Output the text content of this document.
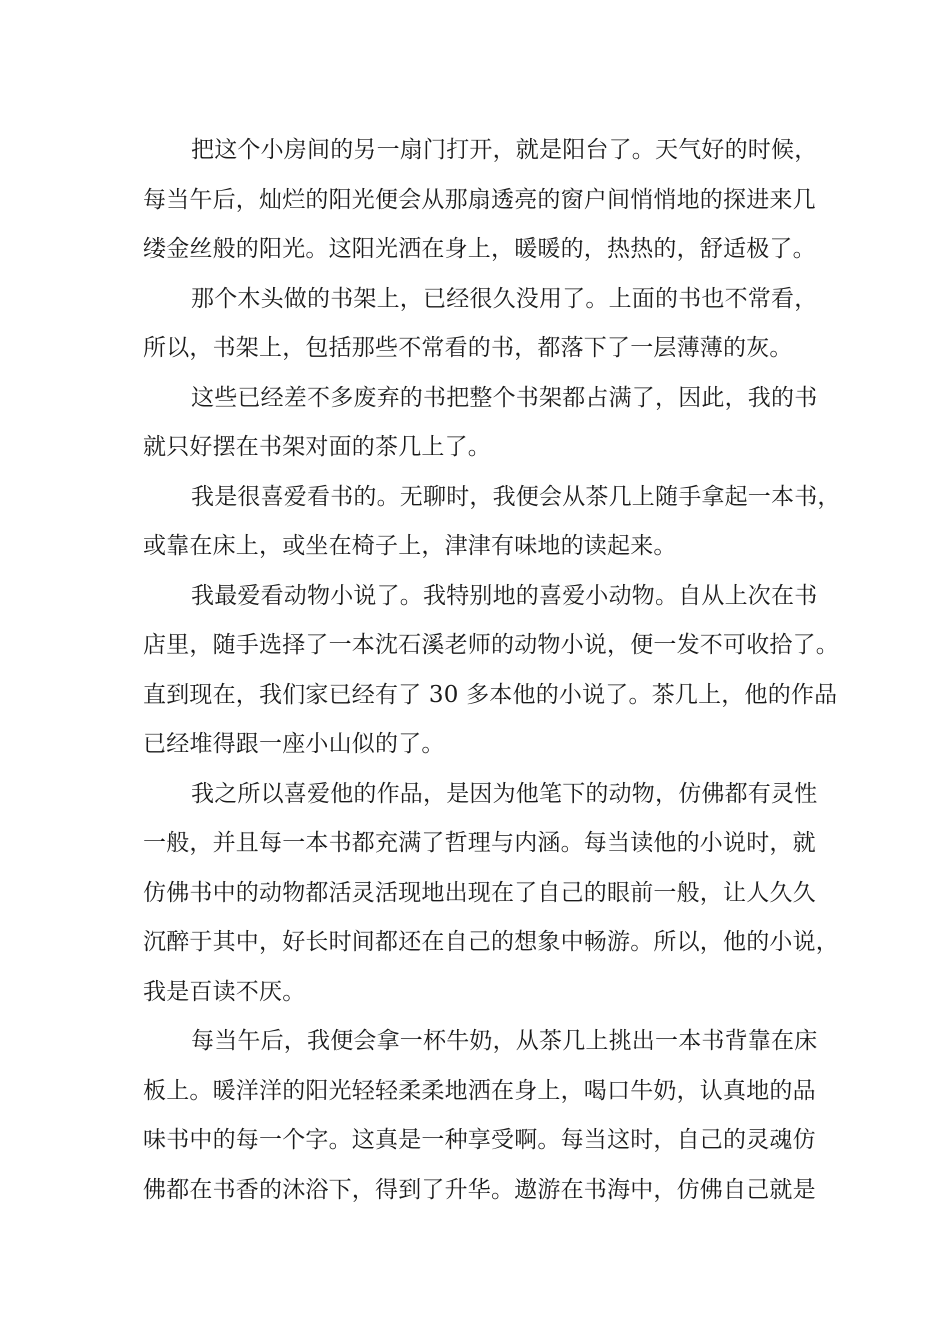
把这个小房间的另一扇门打开，就是阳台了。天气好的时候，
每当午后，灿烂的阳光便会从那扇透亮的窗户间悄悄地的探进来几
缕金丝般的阳光。这阳光洒在身上，暖暖的，热热的，舒适极了。
那个木头做的书架上，已经很久没用了。上面的书也不常看，
所以，书架上，包括那些不常看的书，都落下了一层薄薄的灰。
这些已经差不多废弃的书把整个书架都占满了，因此，我的书
就只好摆在书架对面的茶几上了。
我是很喜爱看书的。无聊时，我便会从茶几上随手拿起一本书，
或靠在床上，或坐在椅子上，津津有味地的读起来。
我最爱看动物小说了。我特别地的喜爱小动物。自从上次在书
店里，随手选择了一本沈石溪老师的动物小说，便一发不可收拾了。
直到现在，我们家已经有了 30 多本他的小说了。茶几上，他的作品
已经堆得跟一座小山似的了。
我之所以喜爱他的作品，是因为他笔下的动物，仿佛都有灵性
一般，并且每一本书都充满了哲理与内涵。每当读他的小说时，就
仿佛书中的动物都活灵活现地出现在了自己的眼前一般，让人久久
沉醉于其中，好长时间都还在自己的想象中畅游。所以，他的小说，
我是百读不厌。
每当午后，我便会拿一杯牛奶，从茶几上挑出一本书背靠在床
板上。暖洋洋的阳光轻轻柔柔地洒在身上，喝口牛奶，认真地的品
味书中的每一个字。这真是一种享受啊。每当这时，自己的灵魂仿
佛都在书香的沐浴下，得到了升华。遨游在书海中，仿佛自己就是
